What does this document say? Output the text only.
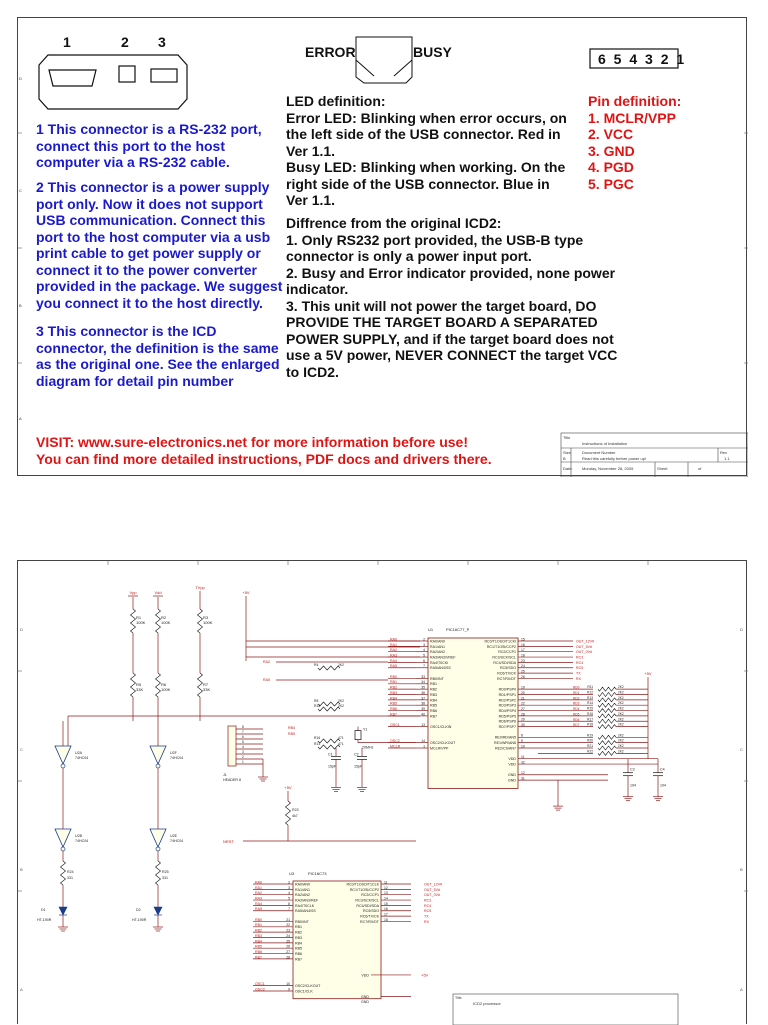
1	2 3
ERROR	BUSY	6 5 4 3 2 1
1 This connector is a RS-232 port,
connect this port to the host
computer via a RS-232 cable.
2 This connector is a power supply
port only. Now it does not support
USB communication. Connect this
port to the host computer via a usb
print cable to get power supply or
connect it to the power converter
provided in the package. We suggest
you connect it to the host directly.
3 This connector is the ICD
connector, the definition is the same
as the original one. See the enlarged
diagram for detail pin number
LED definition:
Error LED: Blinking when error occurs, on
the left side of the USB connector. Red in
Ver 1.1.
Busy LED: Blinking when working. On the
right side of the USB connector. Blue in
Ver 1.1.
Diffrence from the original ICD2:
1. Only RS232 port provided, the USB-B type
connector is only a power input port.
2. Busy and Error indicator provided, none power
indicator.
3. This unit will not power the target board, DO
PROVIDE THE TARGET BOARD A SEPARATED
POWER SUPPLY, and if the target board does not
use a 5V power, NEVER CONNECT the target VCC
to ICD2.
Pin definition:
1. MCLR/VPP
2. VCC
3. GND
4. PGD
5. PGC
VISIT: www.sure-electronics.net for more information before use!
You can find more detailed instructions, PDF docs and drivers there.
Title
Instructions of Installation
Size
B
Document Number
Read this carefully before power up!
Rev
1.1
Date: Monday, November 28, 2005	Sheet	of
D
C
B
A
D
C
B
A
D
C
B
A
Vpp	Vdd
TVpp
+5V
R1
100K
R2
100K
R3
100K
R5
33K
R6
100K
R7
33K
U1	PIC16C77_P
RA0/AN0
2
RA1/AN1
3
RA2/AN2
4
RA3/AN3/VREF
5
RA4/T0CKI
6
RA5/AN4/SS
7
RB0/INT
33
RB1
34
RB2
35
RB3
36
RB4
37
RB5
38
RB6
39
RB7
40
OSC1/CLKIN
13
OSC2/CLKOUT
14
MCLR/VPP
1
RC0/T1OSO/T1CKI 15
RC1/T1OSI/CCP2 16
RC2/CCP1 17
RC3/SCK/SCL 18
RC4/SDI/SDA 23
RC5/SDO 24
RC6/TX/CK 25
RC7/RX/DT 26
RD0/PSP0 19
RD1/PSP1 20
RD2/PSP2 21
RD3/PSP3 22
RD4/PSP4 27
RD5/PSP5 28
RD6/PSP6 29
RD7/PSP7 30
RE0/RD/AN5 8
RE1/WR/AN6 9
RE2/CS/AN7 10
VDD 11
VDD 32
GND 12
GND 31
RA0
RA1
RA2
RA3
RA4
RA5
RB0
RB1
RB2
RB3
RB4
RB5
RB6
RB7
OSC1
OSC2
MCLR
RA2
RA5
R4	2K2
R8	2K2
R12	2K2
R16	471
R13	471
RB4
RB5
OUT_12V#
OUT_5V#
OUT_0V#
RC3
RC4
RC5
TX
RX
R11	2K2
R12	2K2
R13	2K2
R14	2K2
R15	2K2
R16	2K2
R17	2K2
R18	2K2
R19	2K2
R20	2K2
R21	2K2
R22	2K2
RD0
RD1
RD2
RD3
RD4
RD5
RD6
RD7
+5V
C3
104
C4
104
Y1
20MHz
C1
15pF
C2
15pF
8
7
6
5
4
3
2
1
J1
HEADER 8
U2A
74HC04
U2F
74HC04
U2B
74HC04
U2E
74HC04
+5V
R23
4k7
NRST
R24
331
D1
HT-190R
R25
331
D2
HT-190R
U3	PIC16C73
RA0/AN0
2
RA0
RA1/AN1
3
RA1
RA2/AN2
4
RA2
RA3/AN3/REF
5
RA3
RA4/T0CLK
6
RA4
RA5/AN4/SS
7
RA5
RB0/INT
21
RB0
RB1
22
RB1
RB2
23
RB2
RB3
24
RB3
RB4
25
RB4
RB5
26
RB5
RB6
27
RB6
RB7
28
RB7
OSC2/CLKOUT
10
OSC1
OSC1/CLK
9
OSC2
RC0/T1OSO/T1CLK 11	OUT_12V#
RC1/T1OSI/CCP2 12	OUT_5V#
RC2/CCP1 13	OUT_0V#
RC3/SCK/SCL 14	RC3
RC4/SDI/SDA 15	RC4
RC5/SDO 16	RC5
RC6/TX/CK 17	TX
RC7/RX/DT 18	RX
VDD	+5V
GND
GND
Title
ICD2 processor
